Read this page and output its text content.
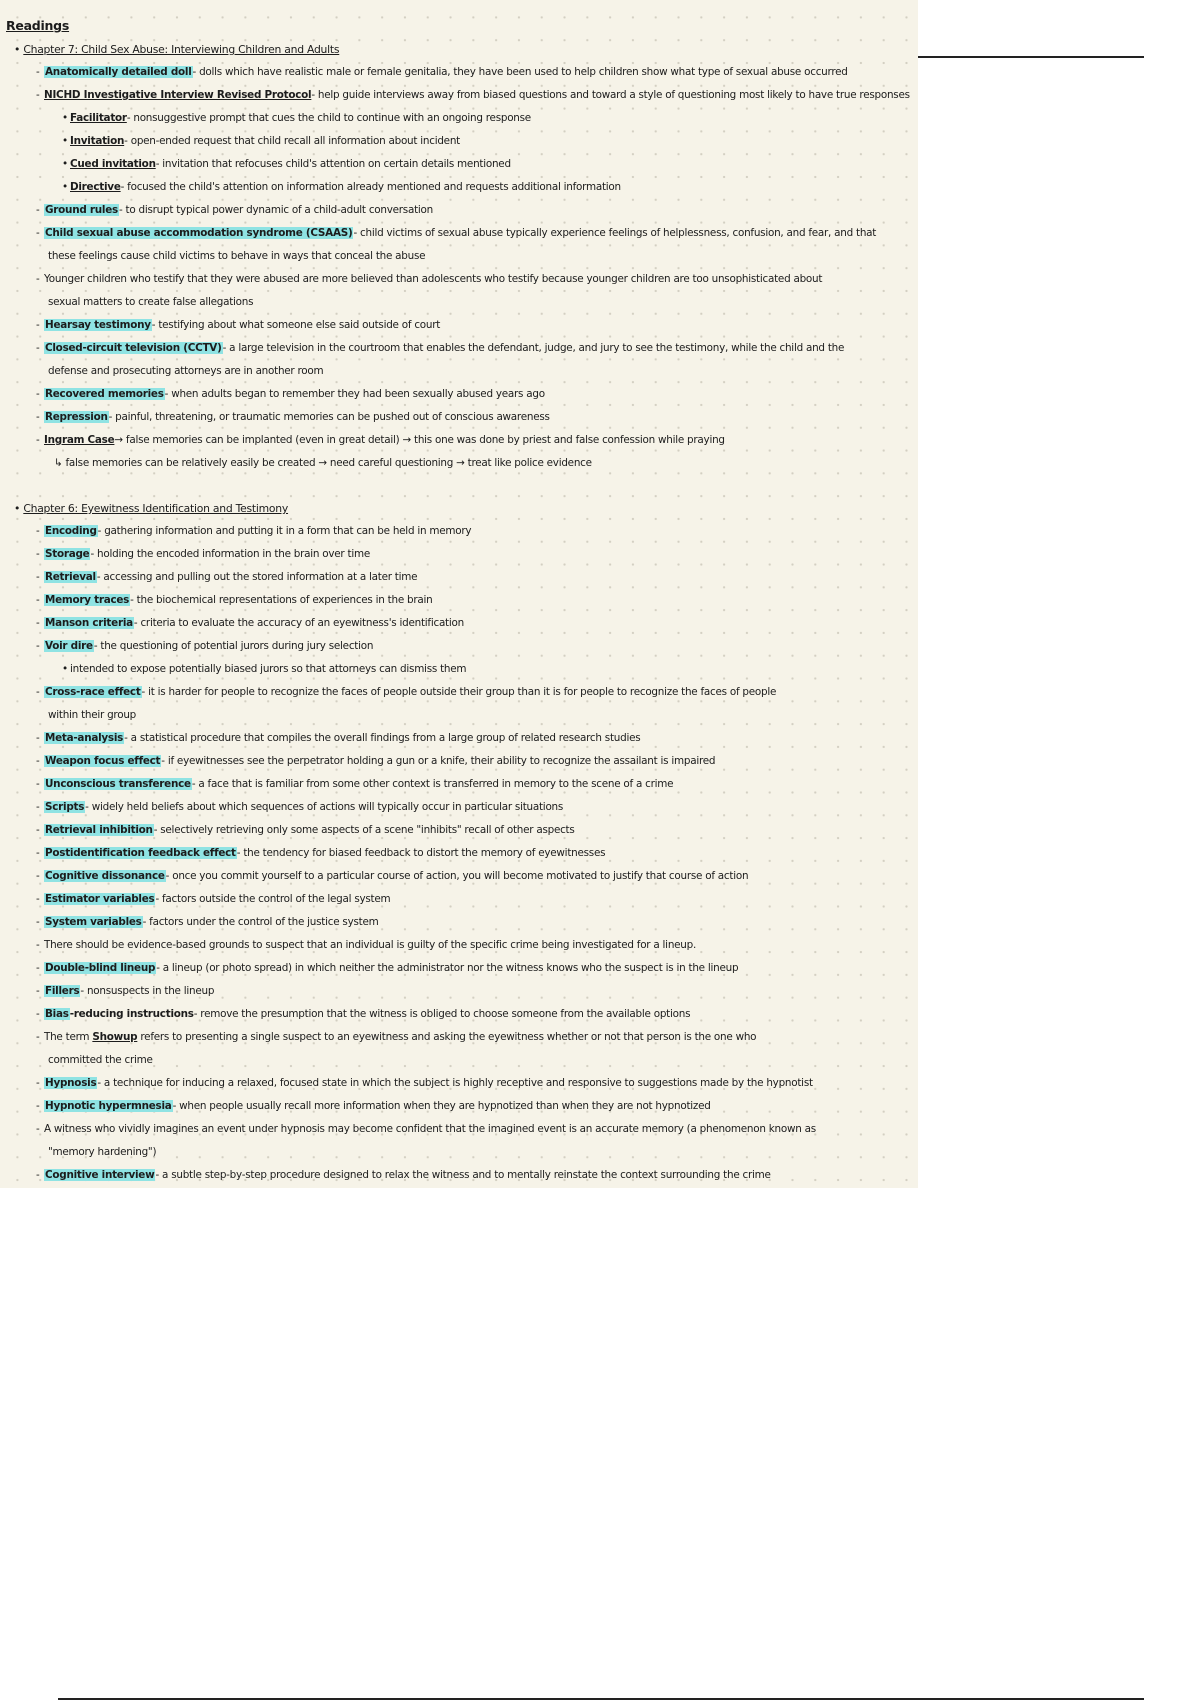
Readings
• Chapter 7: Child Sex Abuse: Interviewing Children and Adults
- Anatomically detailed doll- dolls which have realistic male or female genitalia, they have been used to help children show what type of sexual abuse occurred
- NICHD Investigative Interview Revised Protocol- help guide interviews away from biased questions and toward a style of questioning most likely to have true responses
• Facilitator- nonsuggestive prompt that cues the child to continue with an ongoing response
• Invitation- open-ended request that child recall all information about incident
• Cued invitation- invitation that refocuses child's attention on certain details mentioned
• Directive- focused the child's attention on information already mentioned and requests additional information
- Ground rules- to disrupt typical power dynamic of a child-adult conversation
- Child sexual abuse accommodation syndrome (CSAAS)- child victims of sexual abuse typically experience feelings of helplessness, confusion, and fear, and that
these feelings cause child victims to behave in ways that conceal the abuse
- Younger children who testify that they were abused are more believed than adolescents who testify because younger children are too unsophisticated about
sexual matters to create false allegations
- Hearsay testimony- testifying about what someone else said outside of court
- Closed-circuit television (CCTV)- a large television in the courtroom that enables the defendant, judge, and jury to see the testimony, while the child and the
defense and prosecuting attorneys are in another room
- Recovered memories- when adults began to remember they had been sexually abused years ago
- Repression- painful, threatening, or traumatic memories can be pushed out of conscious awareness
- Ingram Case→ false memories can be implanted (even in great detail) → this one was done by priest and false confession while praying
↳ false memories can be relatively easily be created → need careful questioning → treat like police evidence
• Chapter 6: Eyewitness Identification and Testimony
- Encoding- gathering information and putting it in a form that can be held in memory
- Storage- holding the encoded information in the brain over time
- Retrieval- accessing and pulling out the stored information at a later time
- Memory traces- the biochemical representations of experiences in the brain
- Manson criteria- criteria to evaluate the accuracy of an eyewitness's identification
- Voir dire- the questioning of potential jurors during jury selection
• intended to expose potentially biased jurors so that attorneys can dismiss them
- Cross-race effect- it is harder for people to recognize the faces of people outside their group than it is for people to recognize the faces of people
within their group
- Meta-analysis- a statistical procedure that compiles the overall findings from a large group of related research studies
- Weapon focus effect- if eyewitnesses see the perpetrator holding a gun or a knife, their ability to recognize the assailant is impaired
- Unconscious transference- a face that is familiar from some other context is transferred in memory to the scene of a crime
- Scripts- widely held beliefs about which sequences of actions will typically occur in particular situations
- Retrieval inhibition- selectively retrieving only some aspects of a scene "inhibits" recall of other aspects
- Postidentification feedback effect- the tendency for biased feedback to distort the memory of eyewitnesses
- Cognitive dissonance- once you commit yourself to a particular course of action, you will become motivated to justify that course of action
- Estimator variables- factors outside the control of the legal system
- System variables- factors under the control of the justice system
- There should be evidence-based grounds to suspect that an individual is guilty of the specific crime being investigated for a lineup.
- Double-blind lineup- a lineup (or photo spread) in which neither the administrator nor the witness knows who the suspect is in the lineup
- Fillers- nonsuspects in the lineup
- Bias-reducing instructions- remove the presumption that the witness is obliged to choose someone from the available options
- The term Showup refers to presenting a single suspect to an eyewitness and asking the eyewitness whether or not that person is the one who
committed the crime
- Hypnosis- a technique for inducing a relaxed, focused state in which the subject is highly receptive and responsive to suggestions made by the hypnotist
- Hypnotic hypermnesia- when people usually recall more information when they are hypnotized than when they are not hypnotized
- A witness who vividly imagines an event under hypnosis may become confident that the imagined event is an accurate memory (a phenomenon known as
"memory hardening")
- Cognitive interview- a subtle step-by-step procedure designed to relax the witness and to mentally reinstate the context surrounding the crime
